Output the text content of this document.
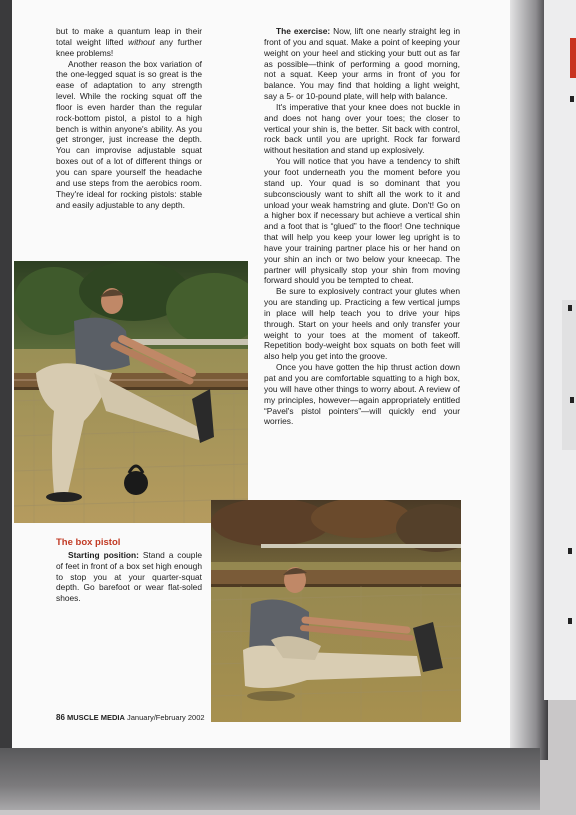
but to make a quantum leap in their total weight lifted without any further knee problems!

Another reason the box variation of the one-legged squat is so great is the ease of adaptation to any strength level. While the rocking squat off the floor is even harder than the regular rock-bottom pistol, a pistol to a high bench is within anyone's ability. As you get stronger, just increase the depth. You can improvise adjustable squat boxes out of a lot of different things or you can spare yourself the headache and use steps from the aerobics room. They're ideal for rocking pistols: stable and easily adjustable to any depth.

The exercise: Now, lift one nearly straight leg in front of you and squat. Make a point of keeping your weight on your heel and sticking your butt out as far as possible—think of performing a good morning, not a squat. Keep your arms in front of you for balance. You may find that holding a light weight, say a 5- or 10-pound plate, will help with balance.

It's imperative that your knee does not buckle in and does not hang over your toes; the closer to vertical your shin is, the better. Sit back with control, rock back until you are upright. Rock far forward without hesitation and stand up explosively.

You will notice that you have a tendency to shift your foot underneath you the moment before you stand up. Your quad is so dominant that you subconsciously want to shift all the work to it and unload your weak hamstring and glute. Don't! Go on a higher box if necessary but achieve a vertical shin and a foot that is “glued” to the floor! One technique that will help you keep your lower leg upright is to have your training partner place his or her hand on your shin an inch or two below your kneecap. The partner will physically stop your shin from moving forward should you be tempted to cheat.

Be sure to explosively contract your glutes when you are standing up. Practicing a few vertical jumps in place will help teach you to drive your hips through. Start on your heels and only transfer your weight to your toes at the moment of takeoff. Repetition body-weight box squats on both feet will also help you get into the groove.

Once you have gotten the hip thrust action down pat and you are comfortable squatting to a high box, you will have other things to worry about. A review of my principles, however—again appropriately entitled “Pavel's pistol pointers”—will quickly end your worries.

The box pistol

Starting position: Stand a couple of feet in front of a box set high enough to stop you at your quarter-squat depth. Go barefoot or wear flat-soled shoes.

86 MUSCLE MEDIA January/February 2002
